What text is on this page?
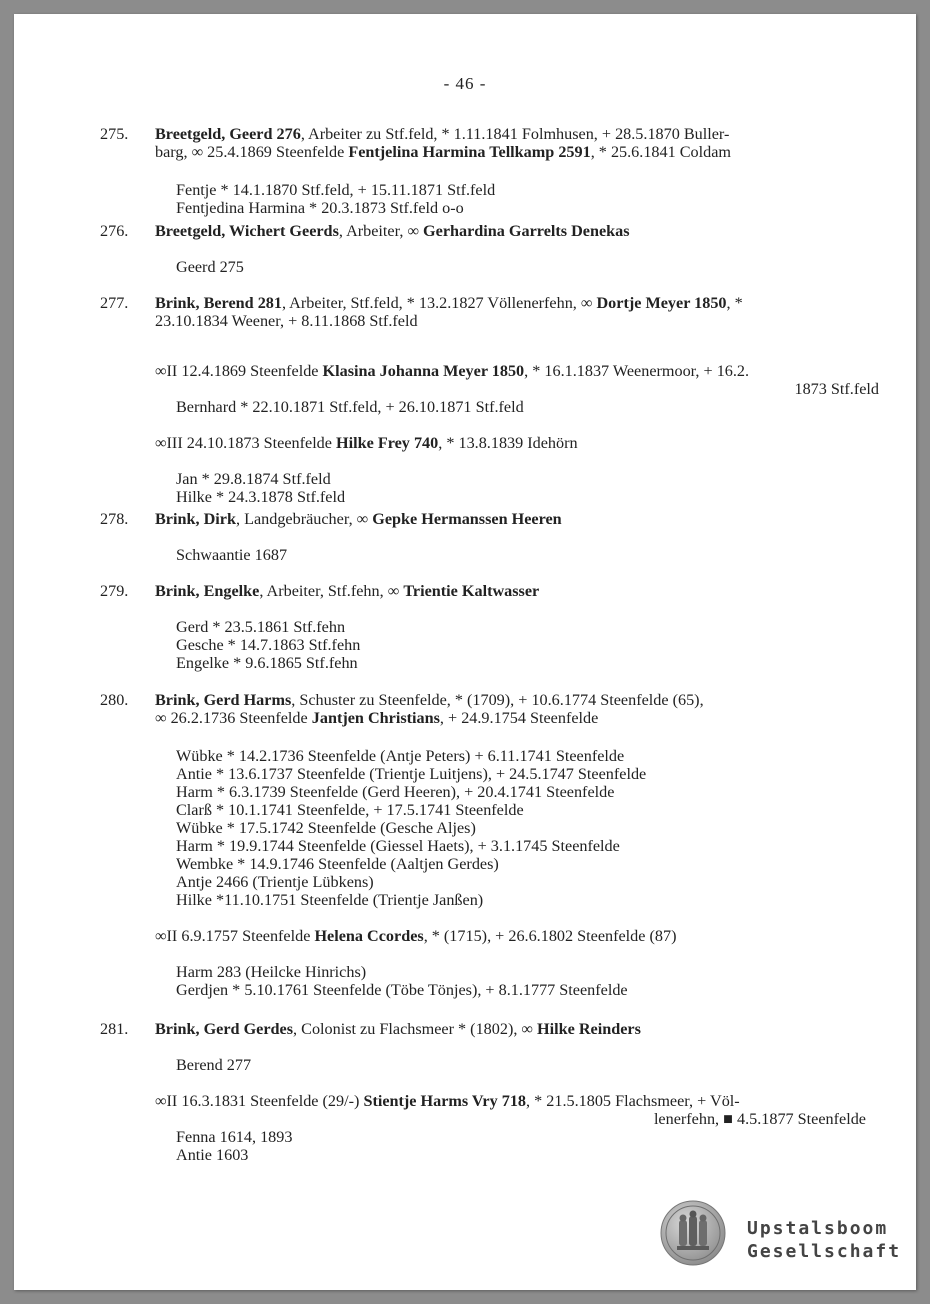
- 46 -
275. Breetgeld, Geerd 276, Arbeiter zu Stf.feld, * 1.11.1841 Folmhusen, + 28.5.1870 Buller-
barg, ∞ 25.4.1869 Steenfelde Fentjelina Harmina Tellkamp 2591, * 25.6.1841 Coldam
Fentje * 14.1.1870 Stf.feld, + 15.11.1871 Stf.feld
Fentjedina Harmina * 20.3.1873 Stf.feld o-o
276. Breetgeld, Wichert Geerds, Arbeiter, ∞ Gerhardina Garrelts Denekas
Geerd 275
277. Brink, Berend 281, Arbeiter, Stf.feld, * 13.2.1827 Völlenerfehn, ∞ Dortje Meyer 1850, *
23.10.1834 Weener, + 8.11.1868 Stf.feld
∞II 12.4.1869 Steenfelde Klasina Johanna Meyer 1850, * 16.1.1837 Weenermoor, + 16.2.
1873 Stf.feld
Bernhard * 22.10.1871 Stf.feld, + 26.10.1871 Stf.feld
∞III 24.10.1873 Steenfelde Hilke Frey 740, * 13.8.1839 Idehörn
Jan * 29.8.1874 Stf.feld
Hilke * 24.3.1878 Stf.feld
278. Brink, Dirk, Landgebräucher, ∞ Gepke Hermanssen Heeren
Schwaantie 1687
279. Brink, Engelke, Arbeiter, Stf.fehn, ∞ Trientie Kaltwasser
Gerd * 23.5.1861 Stf.fehn
Gesche * 14.7.1863 Stf.fehn
Engelke * 9.6.1865 Stf.fehn
280. Brink, Gerd Harms, Schuster zu Steenfelde, * (1709), + 10.6.1774 Steenfelde (65),
∞ 26.2.1736 Steenfelde Jantjen Christians, + 24.9.1754 Steenfelde
Wübke * 14.2.1736 Steenfelde (Antje Peters) + 6.11.1741 Steenfelde
Antie * 13.6.1737 Steenfelde (Trientje Luitjens), + 24.5.1747 Steenfelde
Harm * 6.3.1739 Steenfelde (Gerd Heeren), + 20.4.1741 Steenfelde
Clarß * 10.1.1741 Steenfelde, + 17.5.1741 Steenfelde
Wübke * 17.5.1742 Steenfelde (Gesche Aljes)
Harm * 19.9.1744 Steenfelde (Giessel Haets), + 3.1.1745 Steenfelde
Wembke * 14.9.1746 Steenfelde (Aaltjen Gerdes)
Antje 2466 (Trientje Lübkens)
Hilke *11.10.1751 Steenfelde (Trientje Janßen)
∞II 6.9.1757 Steenfelde Helena Ccordes, * (1715), + 26.6.1802 Steenfelde (87)
Harm 283 (Heilcke Hinrichs)
Gerdjen * 5.10.1761 Steenfelde (Töbe Tönjes), + 8.1.1777 Steenfelde
281. Brink, Gerd Gerdes, Colonist zu Flachsmeer * (1802), ∞ Hilke Reinders
Berend 277
∞II 16.3.1831 Steenfelde (29/-) Stientje Harms Vry 718, * 21.5.1805 Flachsmeer, + Völ-
lenerfehn, ■ 4.5.1877 Steenfelde
Fenna 1614, 1893
Antie 1603
Upstalsboom
Gesellschaft
